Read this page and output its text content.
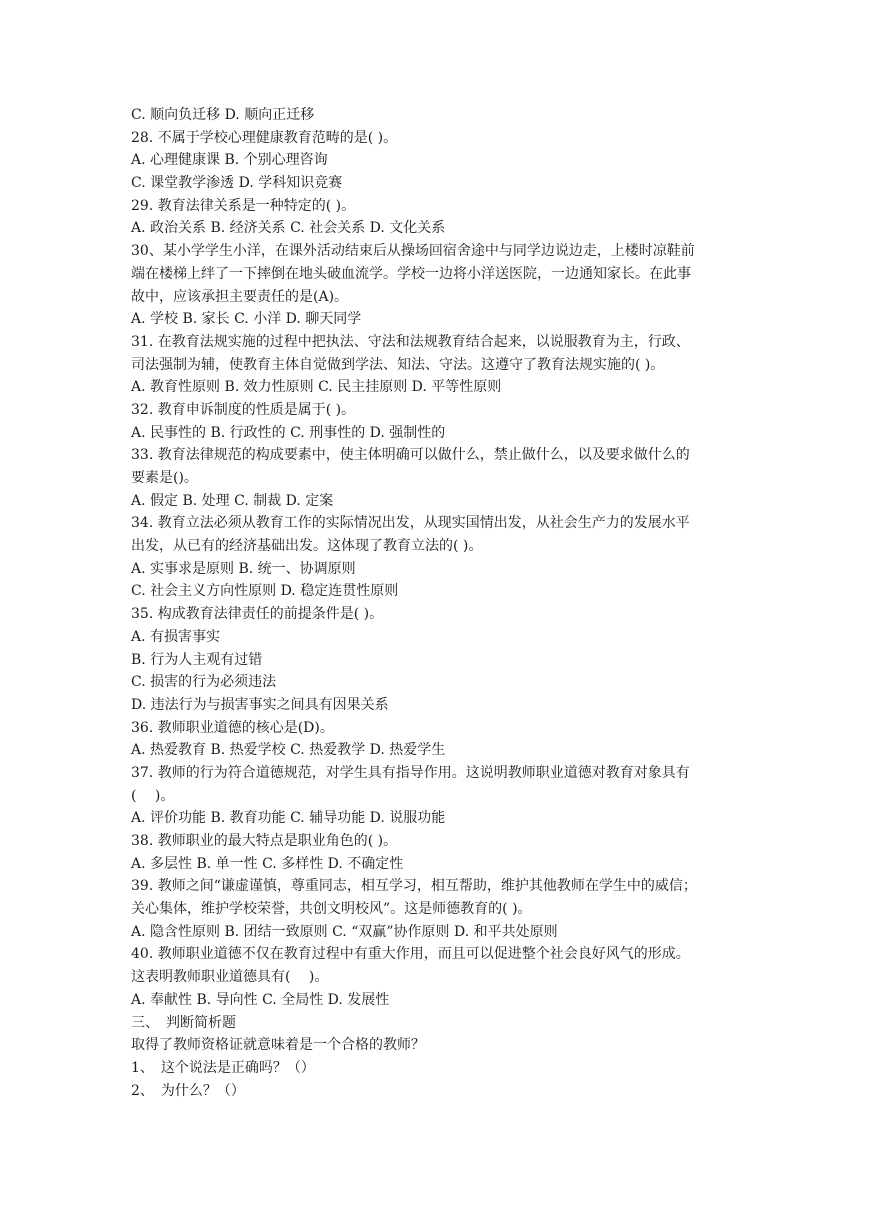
C. 顺向负迁移 D. 顺向正迁移
28. 不属于学校心理健康教育范畴的是( )。
A. 心理健康课 B. 个别心理咨询
C. 课堂教学渗透 D. 学科知识竞赛
29. 教育法律关系是一种特定的( )。
A. 政治关系 B. 经济关系 C. 社会关系 D. 文化关系
30、某小学学生小洋，在课外活动结束后从操场回宿舍途中与同学边说边走，上楼时凉鞋前
端在楼梯上绊了一下摔倒在地头破血流学。学校一边将小洋送医院，一边通知家长。在此事
故中，应该承担主要责任的是(A)。
A. 学校 B. 家长 C. 小洋 D. 聊天同学
31. 在教育法规实施的过程中把执法、守法和法规教育结合起来，以说服教育为主，行政、
司法强制为辅，使教育主体自觉做到学法、知法、守法。这遵守了教育法规实施的( )。
A. 教育性原则 B. 效力性原则 C. 民主挂原则 D. 平等性原则
32. 教育申诉制度的性质是属于( )。
A. 民事性的 B. 行政性的 C. 刑事性的 D. 强制性的
33. 教育法律规范的构成要素中，使主体明确可以做什么，禁止做什么，以及要求做什么的
要素是()。
A. 假定 B. 处理 C. 制裁 D. 定案
34. 教育立法必须从教育工作的实际情况出发，从现实国情出发，从社会生产力的发展水平
出发，从已有的经济基础出发。这体现了教育立法的( )。
A. 实事求是原则 B. 统一、协调原则
C. 社会主义方向性原则 D. 稳定连贯性原则
35. 构成教育法律责任的前提条件是( )。
A. 有损害事实
B. 行为人主观有过错
C. 损害的行为必须违法
D. 违法行为与损害事实之间具有因果关系
36. 教师职业道德的核心是(D)。
A. 热爱教育 B. 热爱学校 C. 热爱教学 D. 热爱学生
37. 教师的行为符合道德规范，对学生具有指导作用。这说明教师职业道德对教育对象具有
(　 )。
A. 评价功能 B. 教育功能 C. 辅导功能 D. 说服功能
38. 教师职业的最大特点是职业角色的( )。
A. 多层性 B. 单一性 C. 多样性 D. 不确定性
39. 教师之间“谦虚谨慎，尊重同志，相互学习，相互帮助，维护其他教师在学生中的威信；
关心集体，维护学校荣誉，共创文明校风”。这是师德教育的( )。
A. 隐含性原则 B. 团结一致原则 C. “双赢”协作原则 D. 和平共处原则
40. 教师职业道德不仅在教育过程中有重大作用，而且可以促进整个社会良好风气的形成。
这表明教师职业道德具有(　 )。
A. 奉献性 B. 导向性 C. 全局性 D. 发展性
三、　判断简析题
取得了教师资格证就意味着是一个合格的教师？
1、　这个说法是正确吗？（）
2、　为什么？（）
